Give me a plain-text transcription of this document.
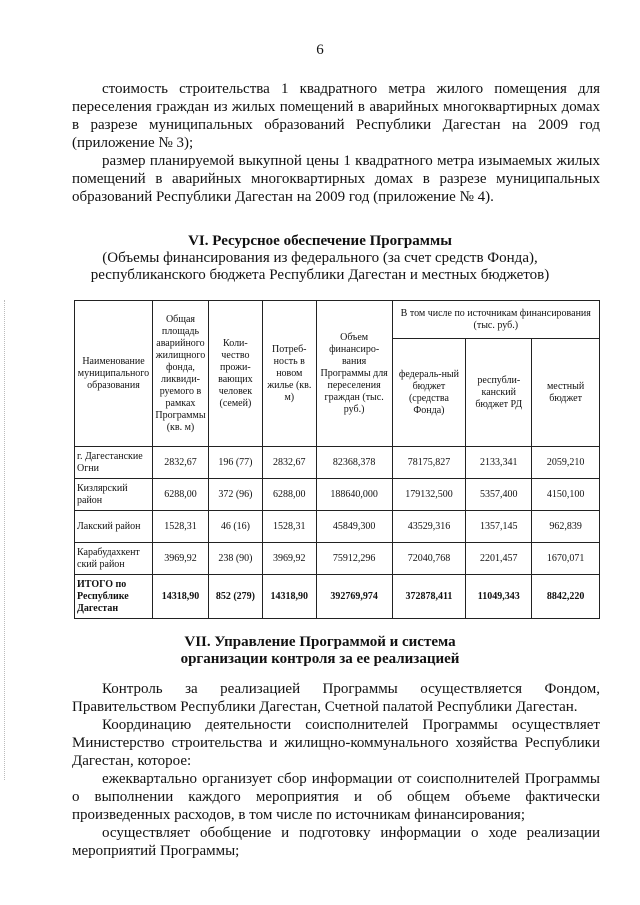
6
стоимость строительства 1 квадратного метра жилого помещения для переселения граждан из жилых помещений в аварийных многоквартирных домах в разрезе муниципальных образований Республики Дагестан на 2009 год (приложение № 3);
размер планируемой выкупной цены 1 квадратного метра изымаемых жилых помещений в аварийных многоквартирных домах в разрезе муниципальных образований Республики Дагестан на 2009 год (приложение № 4).
VI. Ресурсное обеспечение Программы
(Объемы финансирования из федерального (за счет средств Фонда),
республиканского бюджета Республики Дагестан и местных бюджетов)
Наименование муниципального образования	Общая площадь аварийного жилищного фонда, ликвиди-руемого в рамках Программы (кв. м)	Коли-чество прожи-вающих человек (семей)	Потреб-ность в новом жилье (кв. м)	Объем финансиро-вания Программы для переселения граждан (тыс. руб.)	В том числе по источникам финансирования (тыс. руб.)		
					федераль-ный бюджет (средства Фонда)	республи-канский бюджет РД	местный бюджет
г. Дагестанские Огни	2832,67	196 (77)	2832,67	82368,378	78175,827	2133,341	2059,210
Кизлярский район	6288,00	372 (96)	6288,00	188640,000	179132,500	5357,400	4150,100
Лакский район	1528,31	46 (16)	1528,31	45849,300	43529,316	1357,145	962,839
Карабудахкент ский район	3969,92	238 (90)	3969,92	75912,296	72040,768	2201,457	1670,071
ИТОГО по Республике Дагестан	14318,90	852 (279)	14318,90	392769,974	372878,411	11049,343	8842,220
VII. Управление Программой и система
организации контроля за ее реализацией
Контроль за реализацией Программы осуществляется Фондом, Правительством Республики Дагестан, Счетной палатой Республики Дагестан.
Координацию деятельности соисполнителей Программы осуществляет Министерство строительства и жилищно-коммунального хозяйства Республики Дагестан, которое:
ежеквартально организует сбор информации от соисполнителей Программы о выполнении каждого мероприятия и об общем объеме фактически произведенных расходов, в том числе по источникам финансирования;
осуществляет обобщение и подготовку информации о ходе реализации мероприятий Программы;
